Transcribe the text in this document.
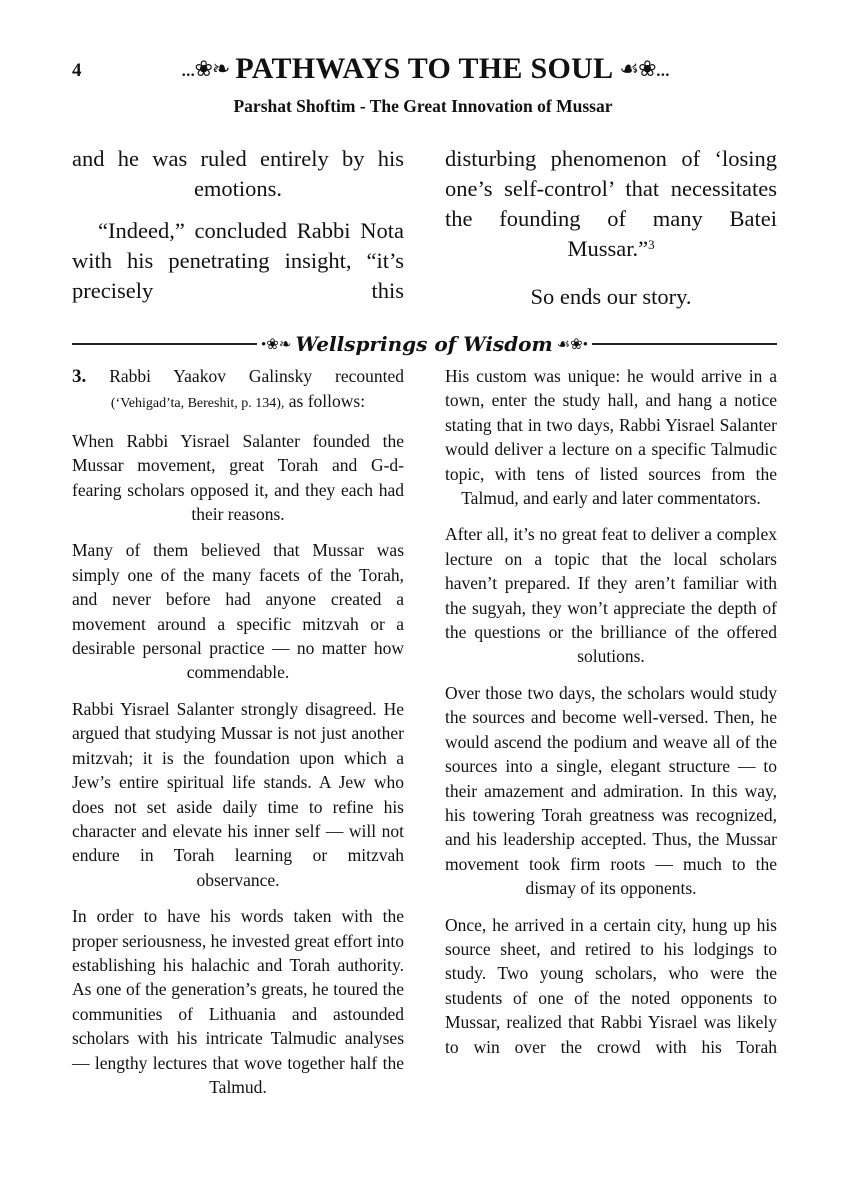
4	...❀❧ PATHWAYS TO THE SOUL ☙❀...
Parshat Shoftim - The Great Innovation of Mussar

and he was ruled entirely by his emotions.

“Indeed,” concluded Rabbi Nota with his penetrating insight, “it’s precisely this

disturbing phenomenon of ‘losing one’s self-control’ that necessitates the founding of many Batei Mussar.”$^3$

So ends our story.

•❀❧ Wellsprings of Wisdom ☙❀•

3. Rabbi Yaakov Galinsky recounted (‘Vehigad’ta, Bereshit, p. 134), as follows:

When Rabbi Yisrael Salanter founded the Mussar movement, great Torah and G-d-fearing scholars opposed it, and they each had their reasons.

Many of them believed that Mussar was simply one of the many facets of the Torah, and never before had anyone created a movement around a specific mitzvah or a desirable personal practice — no matter how commendable.

Rabbi Yisrael Salanter strongly disagreed. He argued that studying Mussar is not just another mitzvah; it is the foundation upon which a Jew’s entire spiritual life stands. A Jew who does not set aside daily time to refine his character and elevate his inner self — will not endure in Torah learning or mitzvah observance.

In order to have his words taken with the proper seriousness, he invested great effort into establishing his halachic and Torah authority. As one of the generation’s greats, he toured the communities of Lithuania and astounded scholars with his intricate Talmudic analyses — lengthy lectures that wove together half the Talmud.

His custom was unique: he would arrive in a town, enter the study hall, and hang a notice stating that in two days, Rabbi Yisrael Salanter would deliver a lecture on a specific Talmudic topic, with tens of listed sources from the Talmud, and early and later commentators.

After all, it’s no great feat to deliver a complex lecture on a topic that the local scholars haven’t prepared. If they aren’t familiar with the sugyah, they won’t appreciate the depth of the questions or the brilliance of the offered solutions.

Over those two days, the scholars would study the sources and become well-versed. Then, he would ascend the podium and weave all of the sources into a single, elegant structure — to their amazement and admiration. In this way, his towering Torah greatness was recognized, and his leadership accepted. Thus, the Mussar movement took firm roots — much to the dismay of its opponents.

Once, he arrived in a certain city, hung up his source sheet, and retired to his lodgings to study. Two young scholars, who were the students of one of the noted opponents to Mussar, realized that Rabbi Yisrael was likely to win over the crowd with his Torah
